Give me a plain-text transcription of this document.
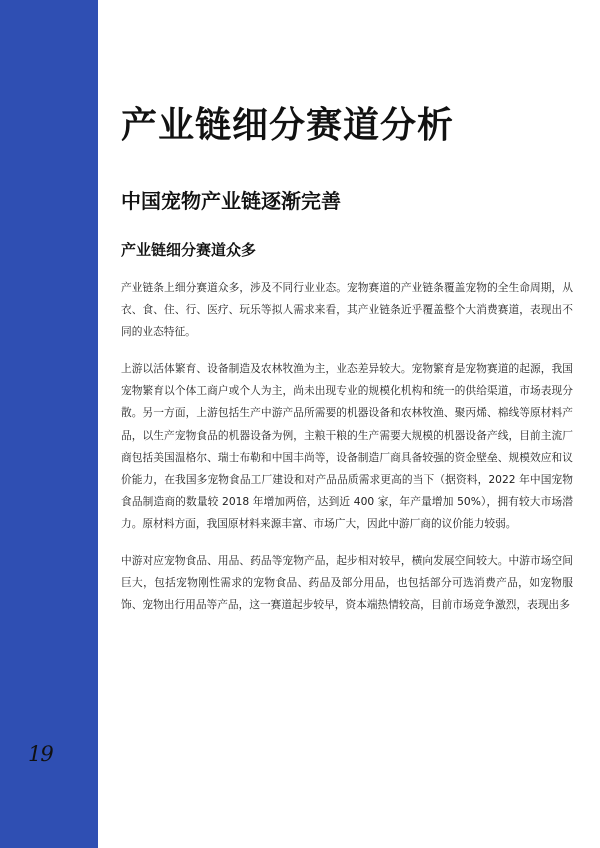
19
产业链细分赛道分析
中国宠物产业链逐渐完善
产业链细分赛道众多

产业链条上细分赛道众多，涉及不同行业业态。宠物赛道的产业链条覆盖宠物的全生命周期，从衣、食、住、行、医疗、玩乐等拟人需求来看，其产业链条近乎覆盖整个大消费赛道，表现出不同的业态特征。

上游以活体繁育、设备制造及农林牧渔为主，业态差异较大。宠物繁育是宠物赛道的起源，我国宠物繁育以个体工商户或个人为主，尚未出现专业的规模化机构和统一的供给渠道，市场表现分散。另一方面，上游包括生产中游产品所需要的机器设备和农林牧渔、聚丙烯、棉线等原材料产品，以生产宠物食品的机器设备为例，主粮干粮的生产需要大规模的机器设备产线，目前主流厂商包括美国温格尔、瑞士布勒和中国丰尚等，设备制造厂商具备较强的资金壁垒、规模效应和议价能力，在我国多宠物食品工厂建设和对产品品质需求更高的当下（据资料，2022 年中国宠物食品制造商的数量较 2018 年增加两倍，达到近 400 家，年产量增加 50%），拥有较大市场潜力。原材料方面，我国原材料来源丰富、市场广大，因此中游厂商的议价能力较弱。

中游对应宠物食品、用品、药品等宠物产品，起步相对较早，横向发展空间较大。中游市场空间巨大，包括宠物刚性需求的宠物食品、药品及部分用品，也包括部分可选消费产品，如宠物服饰、宠物出行用品等产品，这一赛道起步较早，资本端热情较高，目前市场竞争激烈，表现出多
